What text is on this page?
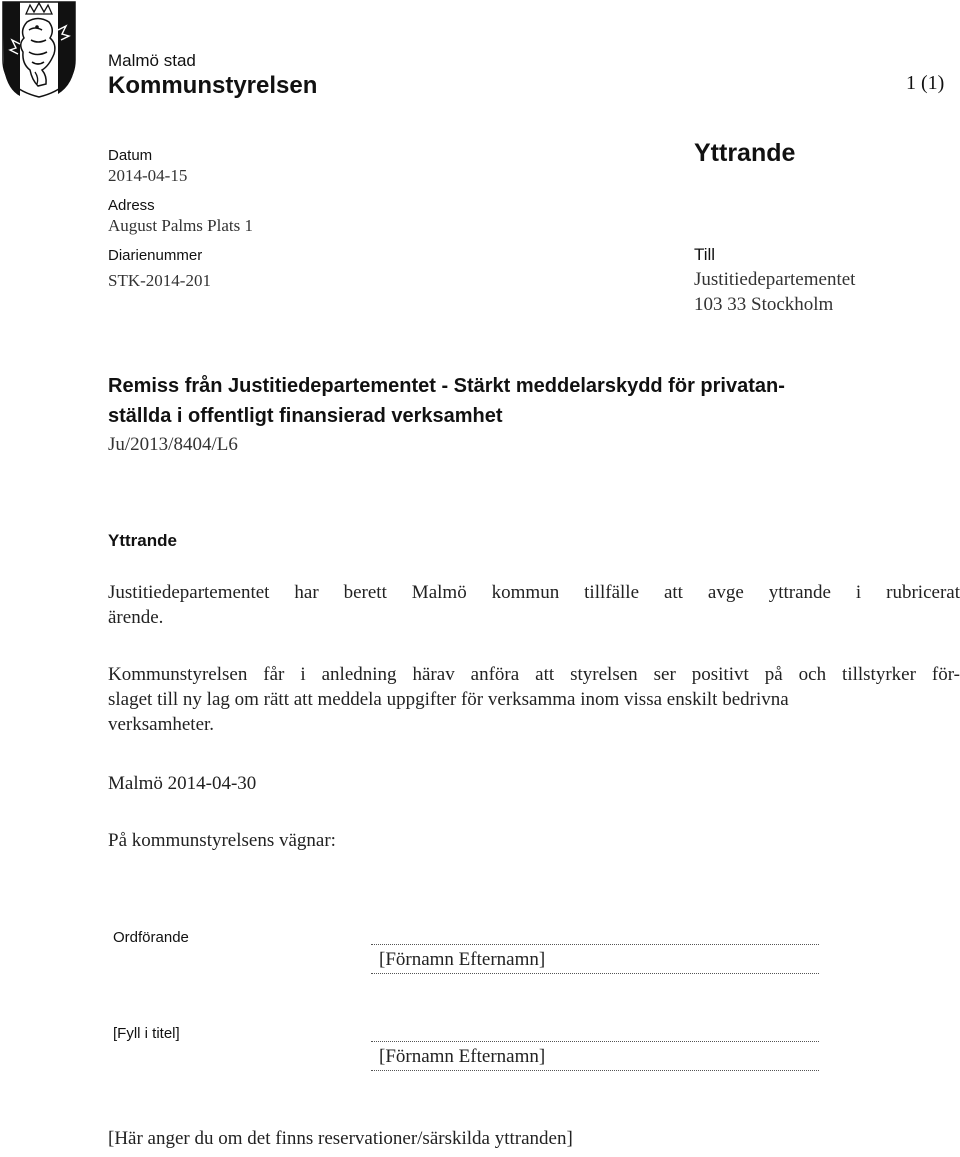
Malmö stad
Kommunstyrelsen	1 (1)
Datum
2014-04-15
Adress
August Palms Plats 1
Diarienummer
STK-2014-201
Yttrande
Till
Justitiedepartementet
103 33 Stockholm
Remiss från Justitiedepartementet - Stärkt meddelarskydd för privatan-
ställda i offentligt finansierad verksamhet
Ju/2013/8404/L6
Yttrande
Justitiedepartementet har berett Malmö kommun tillfälle att avge yttrande i rubricerat
ärende.
Kommunstyrelsen får i anledning härav anföra att styrelsen ser positivt på och tillstyrker för-
slaget till ny lag om rätt att meddela uppgifter för verksamma inom vissa enskilt bedrivna
verksamheter.
Malmö 2014-04-30
På kommunstyrelsens vägnar:
Ordförande
[Förnamn Efternamn]
[Fyll i titel]
[Förnamn Efternamn]
[Här anger du om det finns reservationer/särskilda yttranden]
